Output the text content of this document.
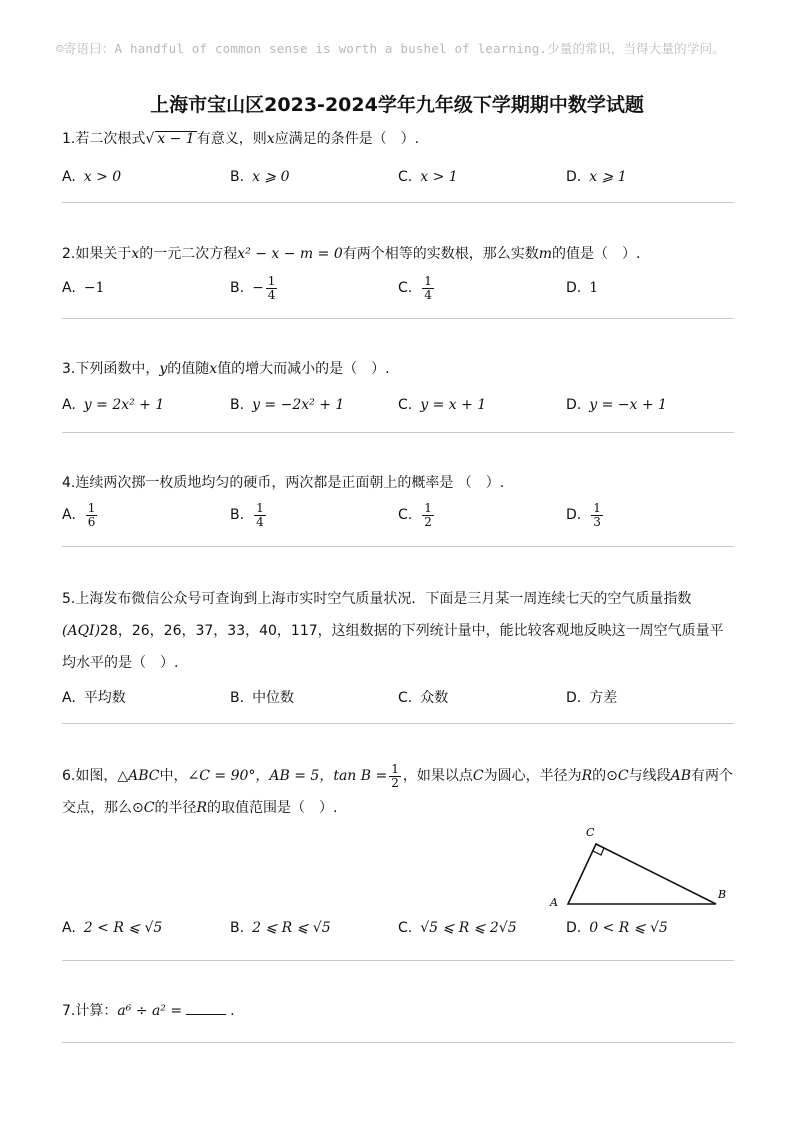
☺寄语曰：A handful of common sense is worth a bushel of learning.少量的常识，当得大量的学问。
上海市宝山区2023-2024学年九年级下学期期中数学试题
1.若二次根式√ x − 1 有意义，则x应满足的条件是（　）.
A. x > 0	B. x ⩾ 0	C. x > 1	D. x ⩾ 1
2.如果关于x的一元二次方程x² − x − m = 0有两个相等的实数根，那么实数m的值是（　）.
A. −1	B. − $\frac{1}{4}$	C. $\frac{1}{4}$	D. 1
3.下列函数中，y的值随x值的增大而减小的是（　）.
A. y = 2x² + 1	B. y = −2x² + 1	C. y = x + 1	D. y = −x + 1
4.连续两次掷一枚质地均匀的硬币，两次都是正面朝上的概率是 （　）.
A. $\frac{1}{6}$	B. $\frac{1}{4}$	C. $\frac{1}{2}$	D. $\frac{1}{3}$
5.上海发布微信公众号可查询到上海市实时空气质量状况．下面是三月某一周连续七天的空气质量指数(AQI)28，26，26，37，33，40，117，这组数据的下列统计量中，能比较客观地反映这一周空气质量平均水平的是（　）.
A. 平均数	B. 中位数	C. 众数	D. 方差
6.如图，△ABC中，∠C = 90°，AB = 5，$\tan B = \frac{1}{2}$ ，如果以点C为圆心，半径为R的⊙C与线段AB有两个交点，那么⊙C的半径R的取值范围是（　）.
C
A
B
A. 2 < R ⩽ √5	B. 2 ⩽ R ⩽ √5	C. √5 ⩽ R ⩽ 2√5	D. 0 < R ⩽ √5
7.计算：a⁶ ÷ a² =	.
